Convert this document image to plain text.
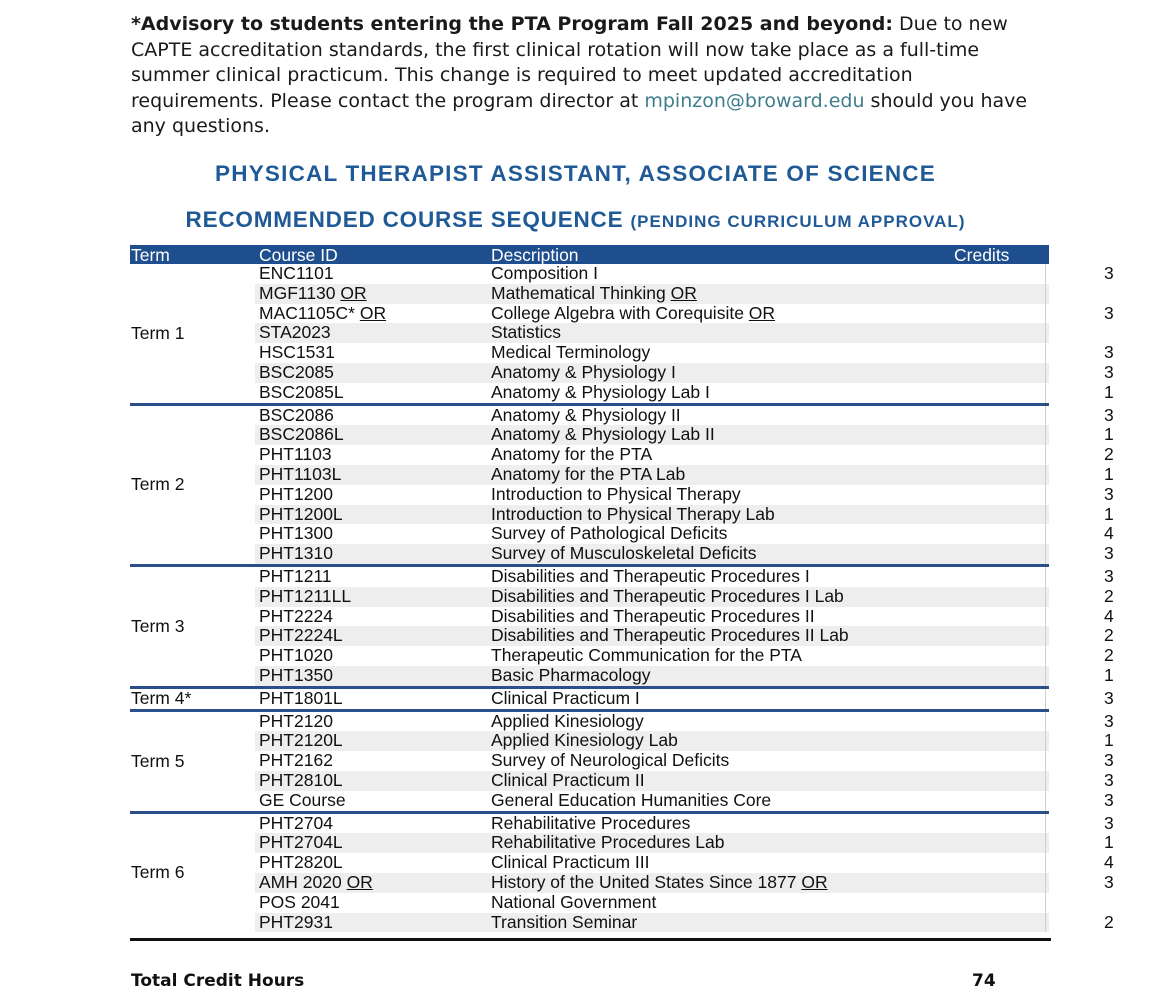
*Advisory to students entering the PTA Program Fall 2025 and beyond: Due to new CAPTE accreditation standards, the first clinical rotation will now take place as a full-time summer clinical practicum. This change is required to meet updated accreditation requirements. Please contact the program director at mpinzon@broward.edu should you have any questions.
PHYSICAL THERAPIST ASSISTANT, ASSOCIATE OF SCIENCE
RECOMMENDED COURSE SEQUENCE (PENDING CURRICULUM APPROVAL)
Term	Course ID	Description	Credits
Term 1
ENC1101	Composition I	3
MGF1130 OR	Mathematical Thinking OR
MAC1105C* OR	College Algebra with Corequisite OR	3
STA2023	Statistics
HSC1531	Medical Terminology	3
BSC2085	Anatomy & Physiology I	3
BSC2085L	Anatomy & Physiology Lab I	1
Term 2
BSC2086	Anatomy & Physiology II	3
BSC2086L	Anatomy & Physiology Lab II	1
PHT1103	Anatomy for the PTA	2
PHT1103L	Anatomy for the PTA Lab	1
PHT1200	Introduction to Physical Therapy	3
PHT1200L	Introduction to Physical Therapy Lab	1
PHT1300	Survey of Pathological Deficits	4
PHT1310	Survey of Musculoskeletal Deficits	3
Term 3
PHT1211	Disabilities and Therapeutic Procedures I	3
PHT1211LL	Disabilities and Therapeutic Procedures I Lab	2
PHT2224	Disabilities and Therapeutic Procedures II	4
PHT2224L	Disabilities and Therapeutic Procedures II Lab	2
PHT1020	Therapeutic Communication for the PTA	2
PHT1350	Basic Pharmacology	1
Term 4*	PHT1801L	Clinical Practicum I	3
Term 5
PHT2120	Applied Kinesiology	3
PHT2120L	Applied Kinesiology Lab	1
PHT2162	Survey of Neurological Deficits	3
PHT2810L	Clinical Practicum II	3
GE Course	General Education Humanities Core	3
Term 6
PHT2704	Rehabilitative Procedures	3
PHT2704L	Rehabilitative Procedures Lab	1
PHT2820L	Clinical Practicum III	4
AMH 2020 OR	History of the United States Since 1877 OR	3
POS 2041	National Government
PHT2931	Transition Seminar	2
Total Credit Hours	74
